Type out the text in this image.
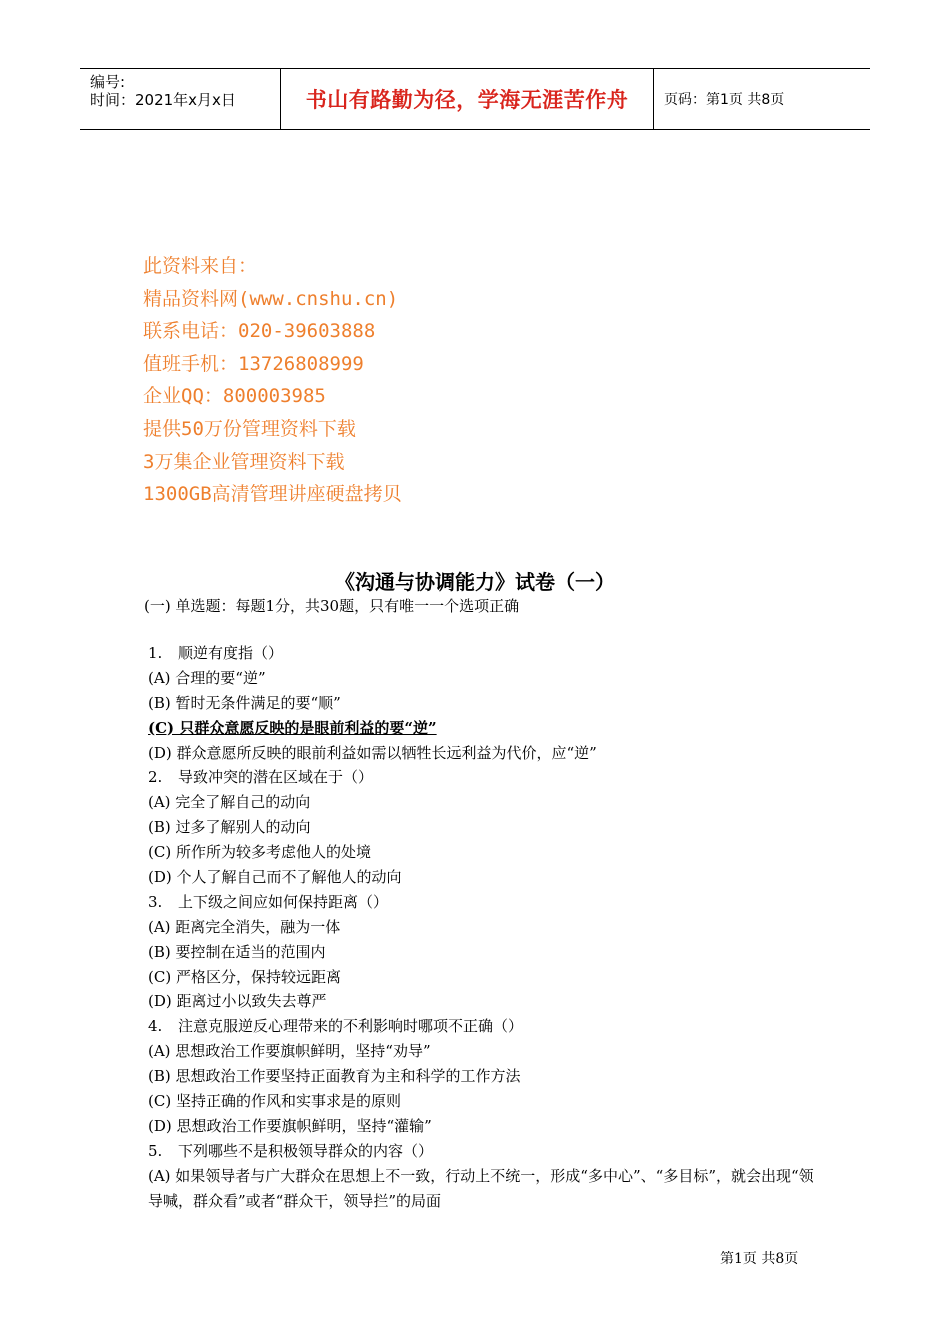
编号:
时间：2021年x月x日	书山有路勤为径，学海无涯苦作舟	页码：第1页 共8页
此资料来自：
精品资料网(www.cnshu.cn)
联系电话：020-39603888
值班手机：13726808999
企业QQ：800003985
提供50万份管理资料下载
3万集企业管理资料下载
1300GB高清管理讲座硬盘拷贝
《沟通与协调能力》试卷（一）
(一) 单选题：每题1分，共30题，只有唯一一个选项正确
1. 顺逆有度指（）
(A) 合理的要“逆”
(B) 暂时无条件满足的要“顺”
(C) 只群众意愿反映的是眼前利益的要“逆”
(D) 群众意愿所反映的眼前利益如需以牺牲长远利益为代价，应“逆”
2. 导致冲突的潜在区域在于（）
(A) 完全了解自己的动向
(B) 过多了解别人的动向
(C) 所作所为较多考虑他人的处境
(D) 个人了解自己而不了解他人的动向
3. 上下级之间应如何保持距离（）
(A) 距离完全消失，融为一体
(B) 要控制在适当的范围内
(C) 严格区分，保持较远距离
(D) 距离过小以致失去尊严
4. 注意克服逆反心理带来的不利影响时哪项不正确（）
(A) 思想政治工作要旗帜鲜明，坚持“劝导”
(B) 思想政治工作要坚持正面教育为主和科学的工作方法
(C) 坚持正确的作风和实事求是的原则
(D) 思想政治工作要旗帜鲜明，坚持“灌输”
5. 下列哪些不是积极领导群众的内容（）
(A) 如果领导者与广大群众在思想上不一致，行动上不统一，形成“多中心”、“多目标”，就会出现“领导喊，群众看”或者“群众干，领导拦”的局面
第1页 共8页
